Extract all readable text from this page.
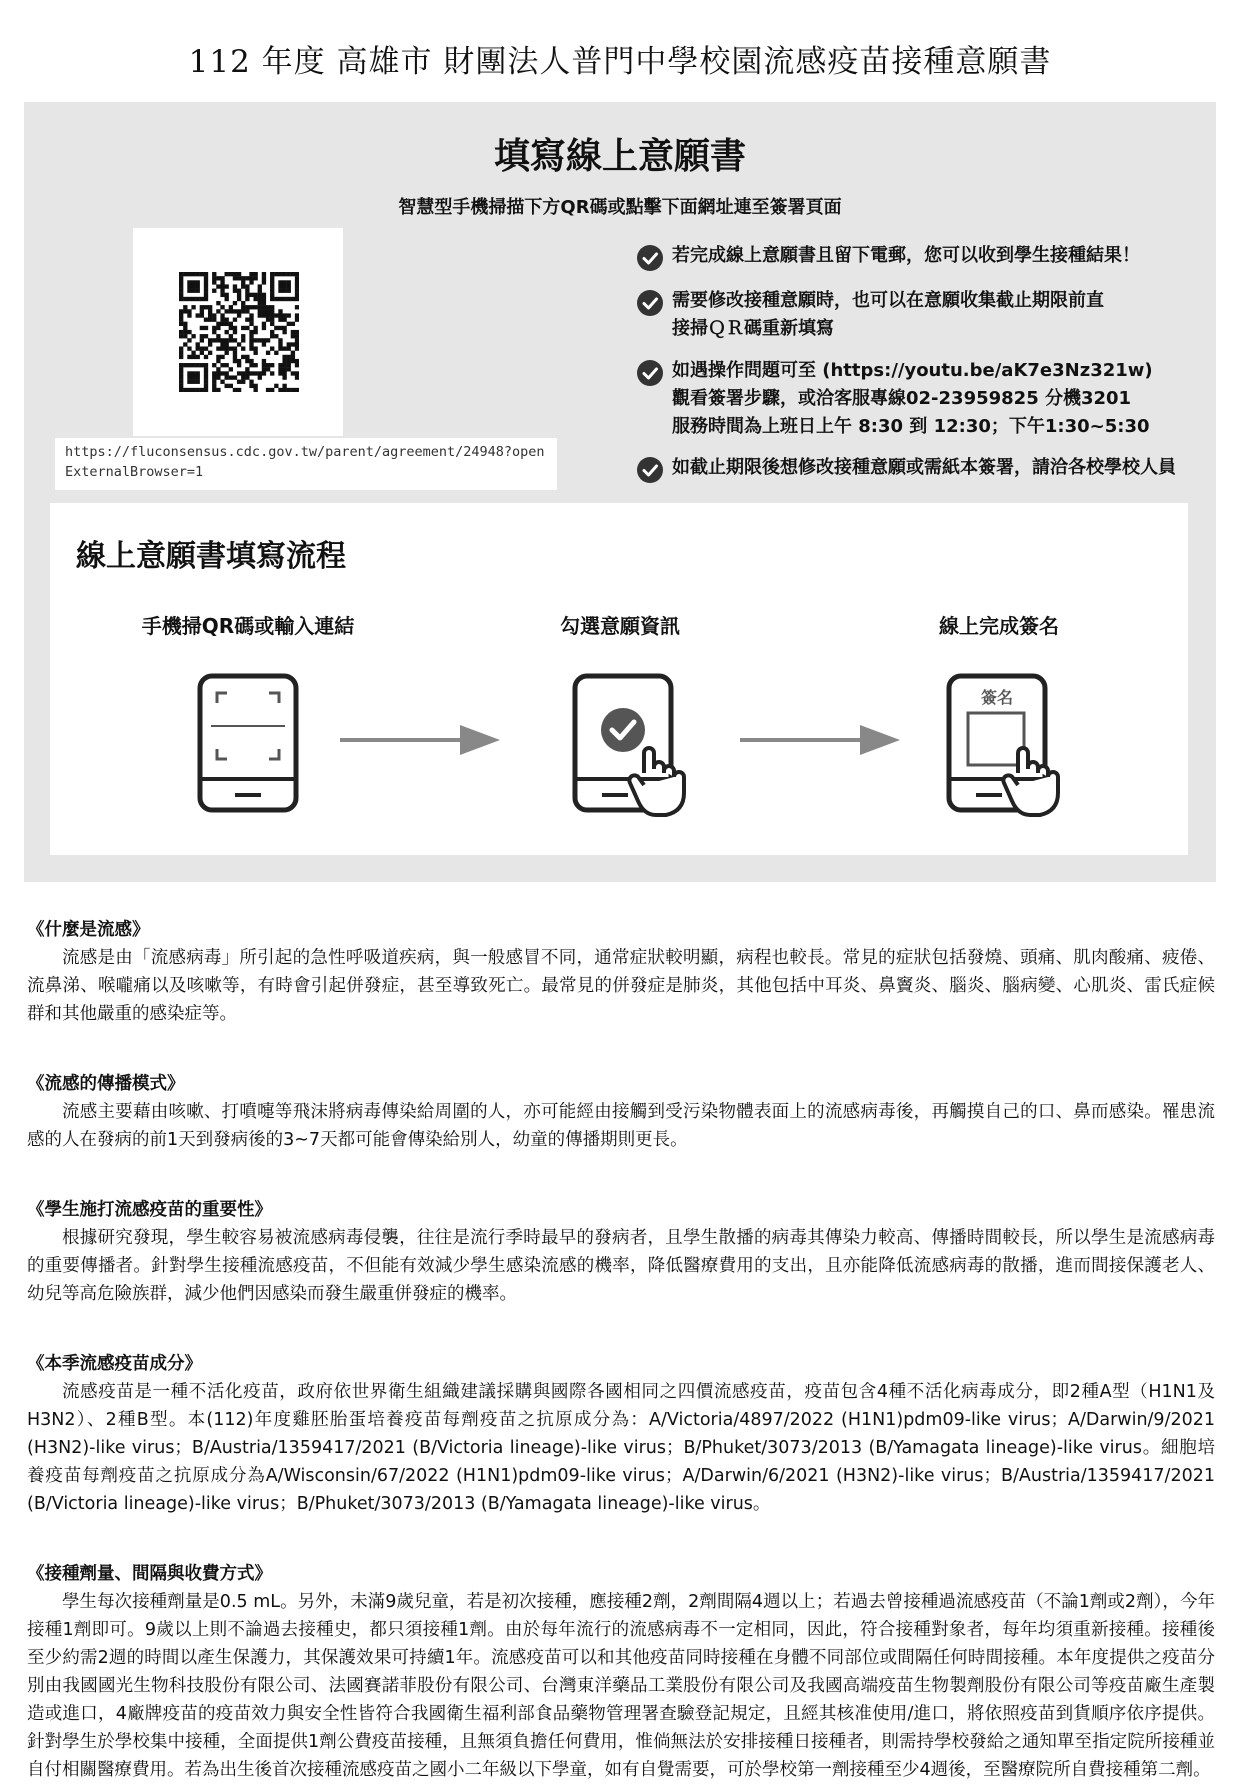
112 年度 高雄市 財團法人普門中學校園流感疫苗接種意願書
填寫線上意願書
智慧型手機掃描下方QR碼或點擊下面網址連至簽署頁面
https://fluconsensus.cdc.gov.tw/parent/agreement/24948?openExternalBrowser=1
若完成線上意願書且留下電郵，您可以收到學生接種結果！
需要修改接種意願時，也可以在意願收集截止期限前直
接掃ＱＲ碼重新填寫
如遇操作問題可至 (https://youtu.be/aK7e3Nz321w)
觀看簽署步驟，或洽客服專線02-23959825 分機3201
服務時間為上班日上午 8:30 到 12:30；下午1:30~5:30
如截止期限後想修改接種意願或需紙本簽署，請洽各校學校人員
線上意願書填寫流程
手機掃QR碼或輸入連結	勾選意願資訊	線上完成簽名
簽名

《什麼是流感》

流感是由「流感病毒」所引起的急性呼吸道疾病，與一般感冒不同，通常症狀較明顯，病程也較長。常見的症狀包括發燒、頭痛、肌肉酸痛、疲倦、流鼻涕、喉嚨痛以及咳嗽等，有時會引起併發症，甚至導致死亡。最常見的併發症是肺炎，其他包括中耳炎、鼻竇炎、腦炎、腦病變、心肌炎、雷氏症候群和其他嚴重的感染症等。

《流感的傳播模式》

流感主要藉由咳嗽、打噴嚏等飛沫將病毒傳染給周圍的人，亦可能經由接觸到受污染物體表面上的流感病毒後，再觸摸自己的口、鼻而感染。罹患流感的人在發病的前1天到發病後的3~7天都可能會傳染給別人，幼童的傳播期則更長。

《學生施打流感疫苗的重要性》

根據研究發現，學生較容易被流感病毒侵襲，往往是流行季時最早的發病者，且學生散播的病毒其傳染力較高、傳播時間較長，所以學生是流感病毒的重要傳播者。針對學生接種流感疫苗，不但能有效減少學生感染流感的機率，降低醫療費用的支出，且亦能降低流感病毒的散播，進而間接保護老人、幼兒等高危險族群，減少他們因感染而發生嚴重併發症的機率。

《本季流感疫苗成分》

流感疫苗是一種不活化疫苗，政府依世界衛生組織建議採購與國際各國相同之四價流感疫苗，疫苗包含4種不活化病毒成分，即2種A型（H1N1及H3N2）、2種B型。本(112)年度雞胚胎蛋培養疫苗每劑疫苗之抗原成分為：A/Victoria/4897/2022 (H1N1)pdm09-like virus；A/Darwin/9/2021 (H3N2)-like virus；B/Austria/1359417/2021 (B/Victoria lineage)-like virus；B/Phuket/3073/2013 (B/Yamagata lineage)-like virus。細胞培養疫苗每劑疫苗之抗原成分為A/Wisconsin/67/2022 (H1N1)pdm09-like virus；A/Darwin/6/2021 (H3N2)-like virus；B/Austria/1359417/2021 (B/Victoria lineage)-like virus；B/Phuket/3073/2013 (B/Yamagata lineage)-like virus。

《接種劑量、間隔與收費方式》

學生每次接種劑量是0.5 mL。另外，未滿9歲兒童，若是初次接種，應接種2劑，2劑間隔4週以上；若過去曾接種過流感疫苗（不論1劑或2劑），今年接種1劑即可。9歲以上則不論過去接種史，都只須接種1劑。由於每年流行的流感病毒不一定相同，因此，符合接種對象者，每年均須重新接種。接種後至少約需2週的時間以產生保護力，其保護效果可持續1年。流感疫苗可以和其他疫苗同時接種在身體不同部位或間隔任何時間接種。本年度提供之疫苗分別由我國國光生物科技股份有限公司、法國賽諾菲股份有限公司、台灣東洋藥品工業股份有限公司及我國高端疫苗生物製劑股份有限公司等疫苗廠生產製造或進口，4廠牌疫苗的疫苗效力與安全性皆符合我國衛生福利部食品藥物管理署查驗登記規定，且經其核准使用/進口，將依照疫苗到貨順序依序提供。針對學生於學校集中接種，全面提供1劑公費疫苗接種，且無須負擔任何費用，惟倘無法於安排接種日接種者，則需持學校發給之通知單至指定院所接種並自付相關醫療費用。若為出生後首次接種流感疫苗之國小二年級以下學童，如有自覺需要，可於學校第一劑接種至少4週後，至醫療院所自費接種第二劑。
